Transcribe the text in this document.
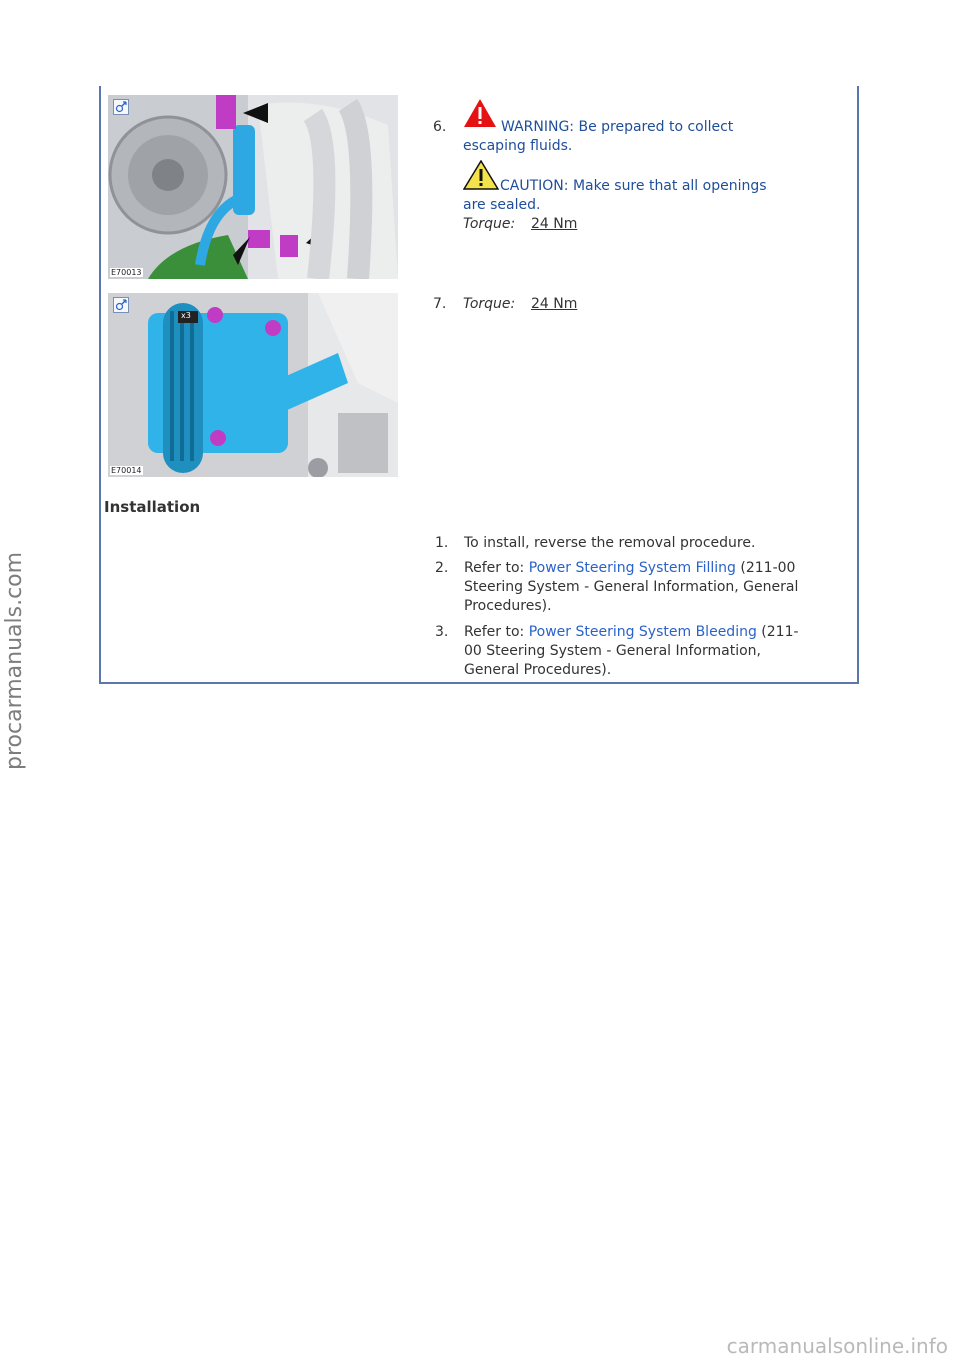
E70013
6.	WARNING: Be prepared to collect
escaping fluids.
CAUTION: Make sure that all openings
are sealed.
Torque: 24 Nm
x3
E70014
7. Torque: 24 Nm
Installation
1. To install, reverse the removal procedure.
2. Refer to: Power Steering System Filling (211-00
Steering System - General Information, General
Procedures).
3. Refer to: Power Steering System Bleeding (211-
00 Steering System - General Information,
General Procedures).
procarmanuals.com
carmanualsonline.info
